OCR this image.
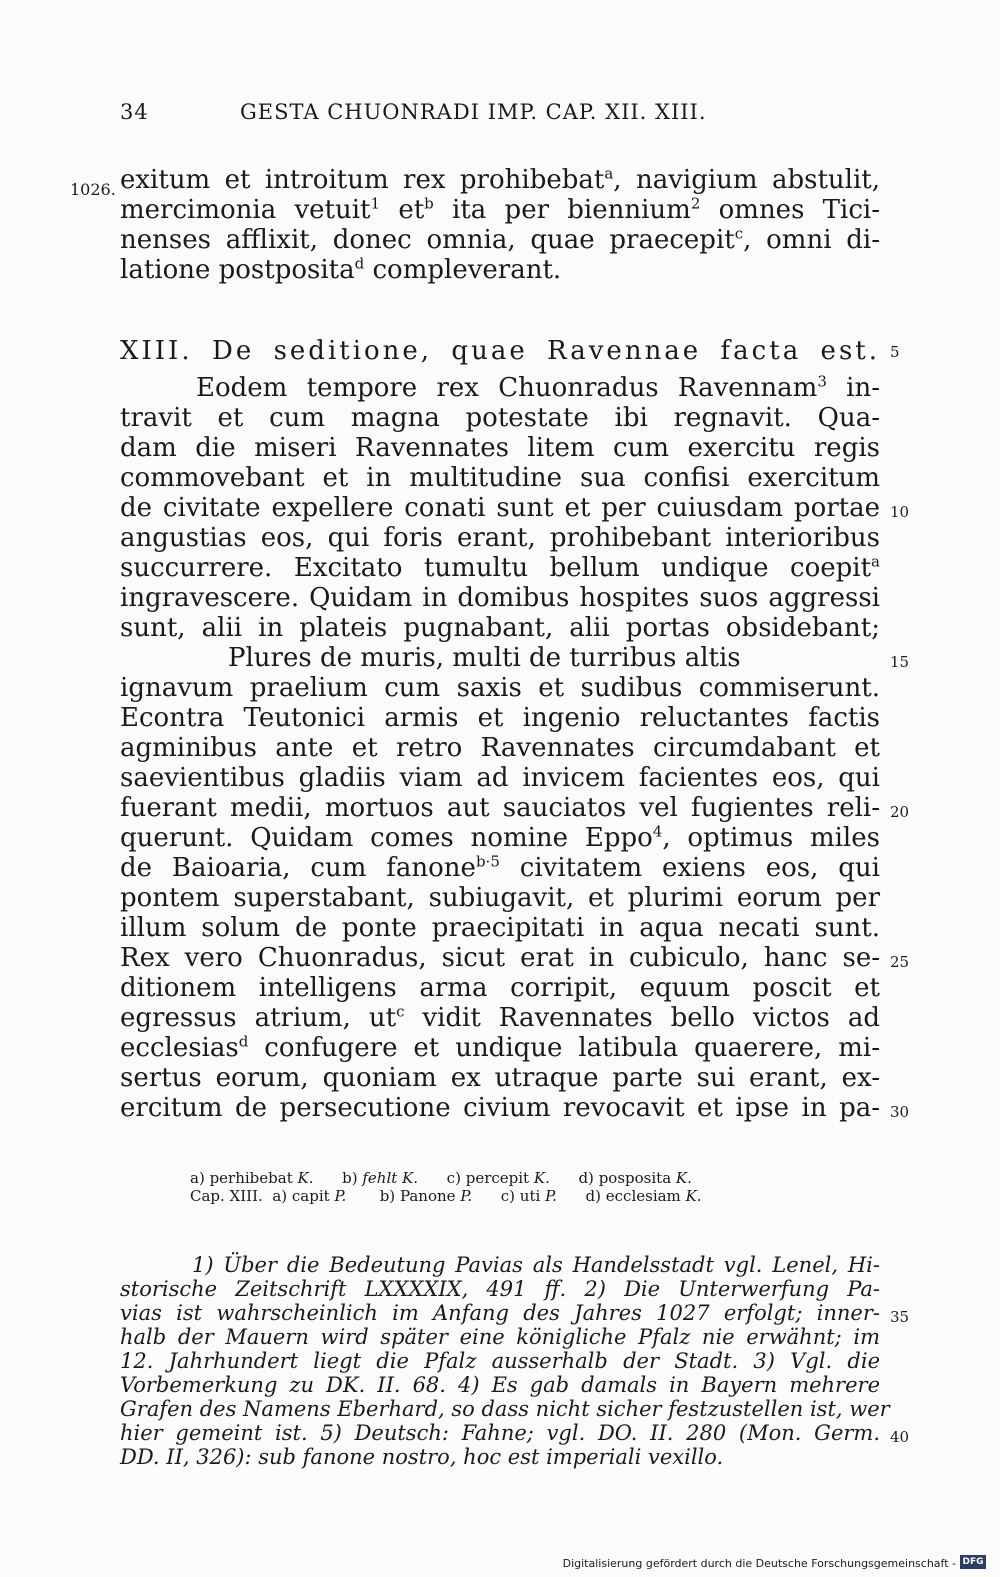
34	GESTA CHUONRADI IMP. CAP. XII. XIII.
1026. exitum et introitum rex prohibebat$^a$, navigium abstulit,
mercimonia vetuit$^1$ $et^b$ ita per biennium$^2$ omnes Tici-
nenses afflixit, donec omnia, quae praecepit$^c$, omni di-
latione postposita$^d$ compleverant.
XIII. De seditione, quae Ravennae facta est. 5
Eodem tempore rex Chuonradus Ravennam$^3$ in-
travit et cum magna potestate ibi regnavit. Qua-
dam die miseri Ravennates litem cum exercitu regis
commovebant et in multitudine sua confisi exercitum
de civitate expellere conati sunt et per cuiusdam portae 10
angustias eos, qui foris erant, prohibebant interioribus
succurrere. Excitato tumultu bellum undique coepit$^a$
ingravescere. Quidam in domibus hospites suos aggressi
sunt, alii in plateis pugnabant, alii portas obsidebant;
Plures de muris, multi de turribus altis	15
ignavum praelium cum saxis et sudibus commiserunt.
Econtra Teutonici armis et ingenio reluctantes factis
agminibus ante et retro Ravennates circumdabant et
saevientibus gladiis viam ad invicem facientes eos, qui
fuerant medii, mortuos aut sauciatos vel fugientes reli- 20
querunt. Quidam comes nomine Eppo$^4$, optimus miles
de Baioaria, cum fanone$^{b\cdot 5}$ civitatem exiens eos, qui
pontem superstabant, subiugavit, et plurimi eorum per
illum solum de ponte praecipitati in aqua necati sunt.
Rex vero Chuonradus, sicut erat in cubiculo, hanc se- 25
ditionem intelligens arma corripit, equum poscit et
egressus atrium, $ut^c$ vidit Ravennates bello victos ad
ecclesias$^d$ confugere et undique latibula quaerere, mi-
sertus eorum, quoniam ex utraque parte sui erant, ex-
ercitum de persecutione civium revocavit et ipse in pa- 30
a) perhibebat K. b) fehlt K. c) percepit K. d) posposita K.
Cap. XIII. a) capit P. b) Panone P. c) uti P. d) ecclesiam K.
1) Über die Bedeutung Pavias als Handelsstadt vgl. Lenel, Hi-
storische Zeitschrift LXXXXIX, 491 ff. 2) Die Unterwerfung Pa-
vias ist wahrscheinlich im Anfang des Jahres 1027 erfolgt; inner- 35
halb der Mauern wird später eine königliche Pfalz nie erwähnt; im
12. Jahrhundert liegt die Pfalz ausserhalb der Stadt. 3) Vgl. die
Vorbemerkung zu DK. II. 68. 4) Es gab damals in Bayern mehrere
Grafen des Namens Eberhard, so dass nicht sicher festzustellen ist, wer
hier gemeint ist. 5) Deutsch: Fahne; vgl. DO. II. 280 (Mon. Germ. 40
DD. II, 326): sub fanone nostro, hoc est imperiali vexillo.
Digitalisierung gefördert durch die Deutsche Forschungsgemeinschaft - DFG
